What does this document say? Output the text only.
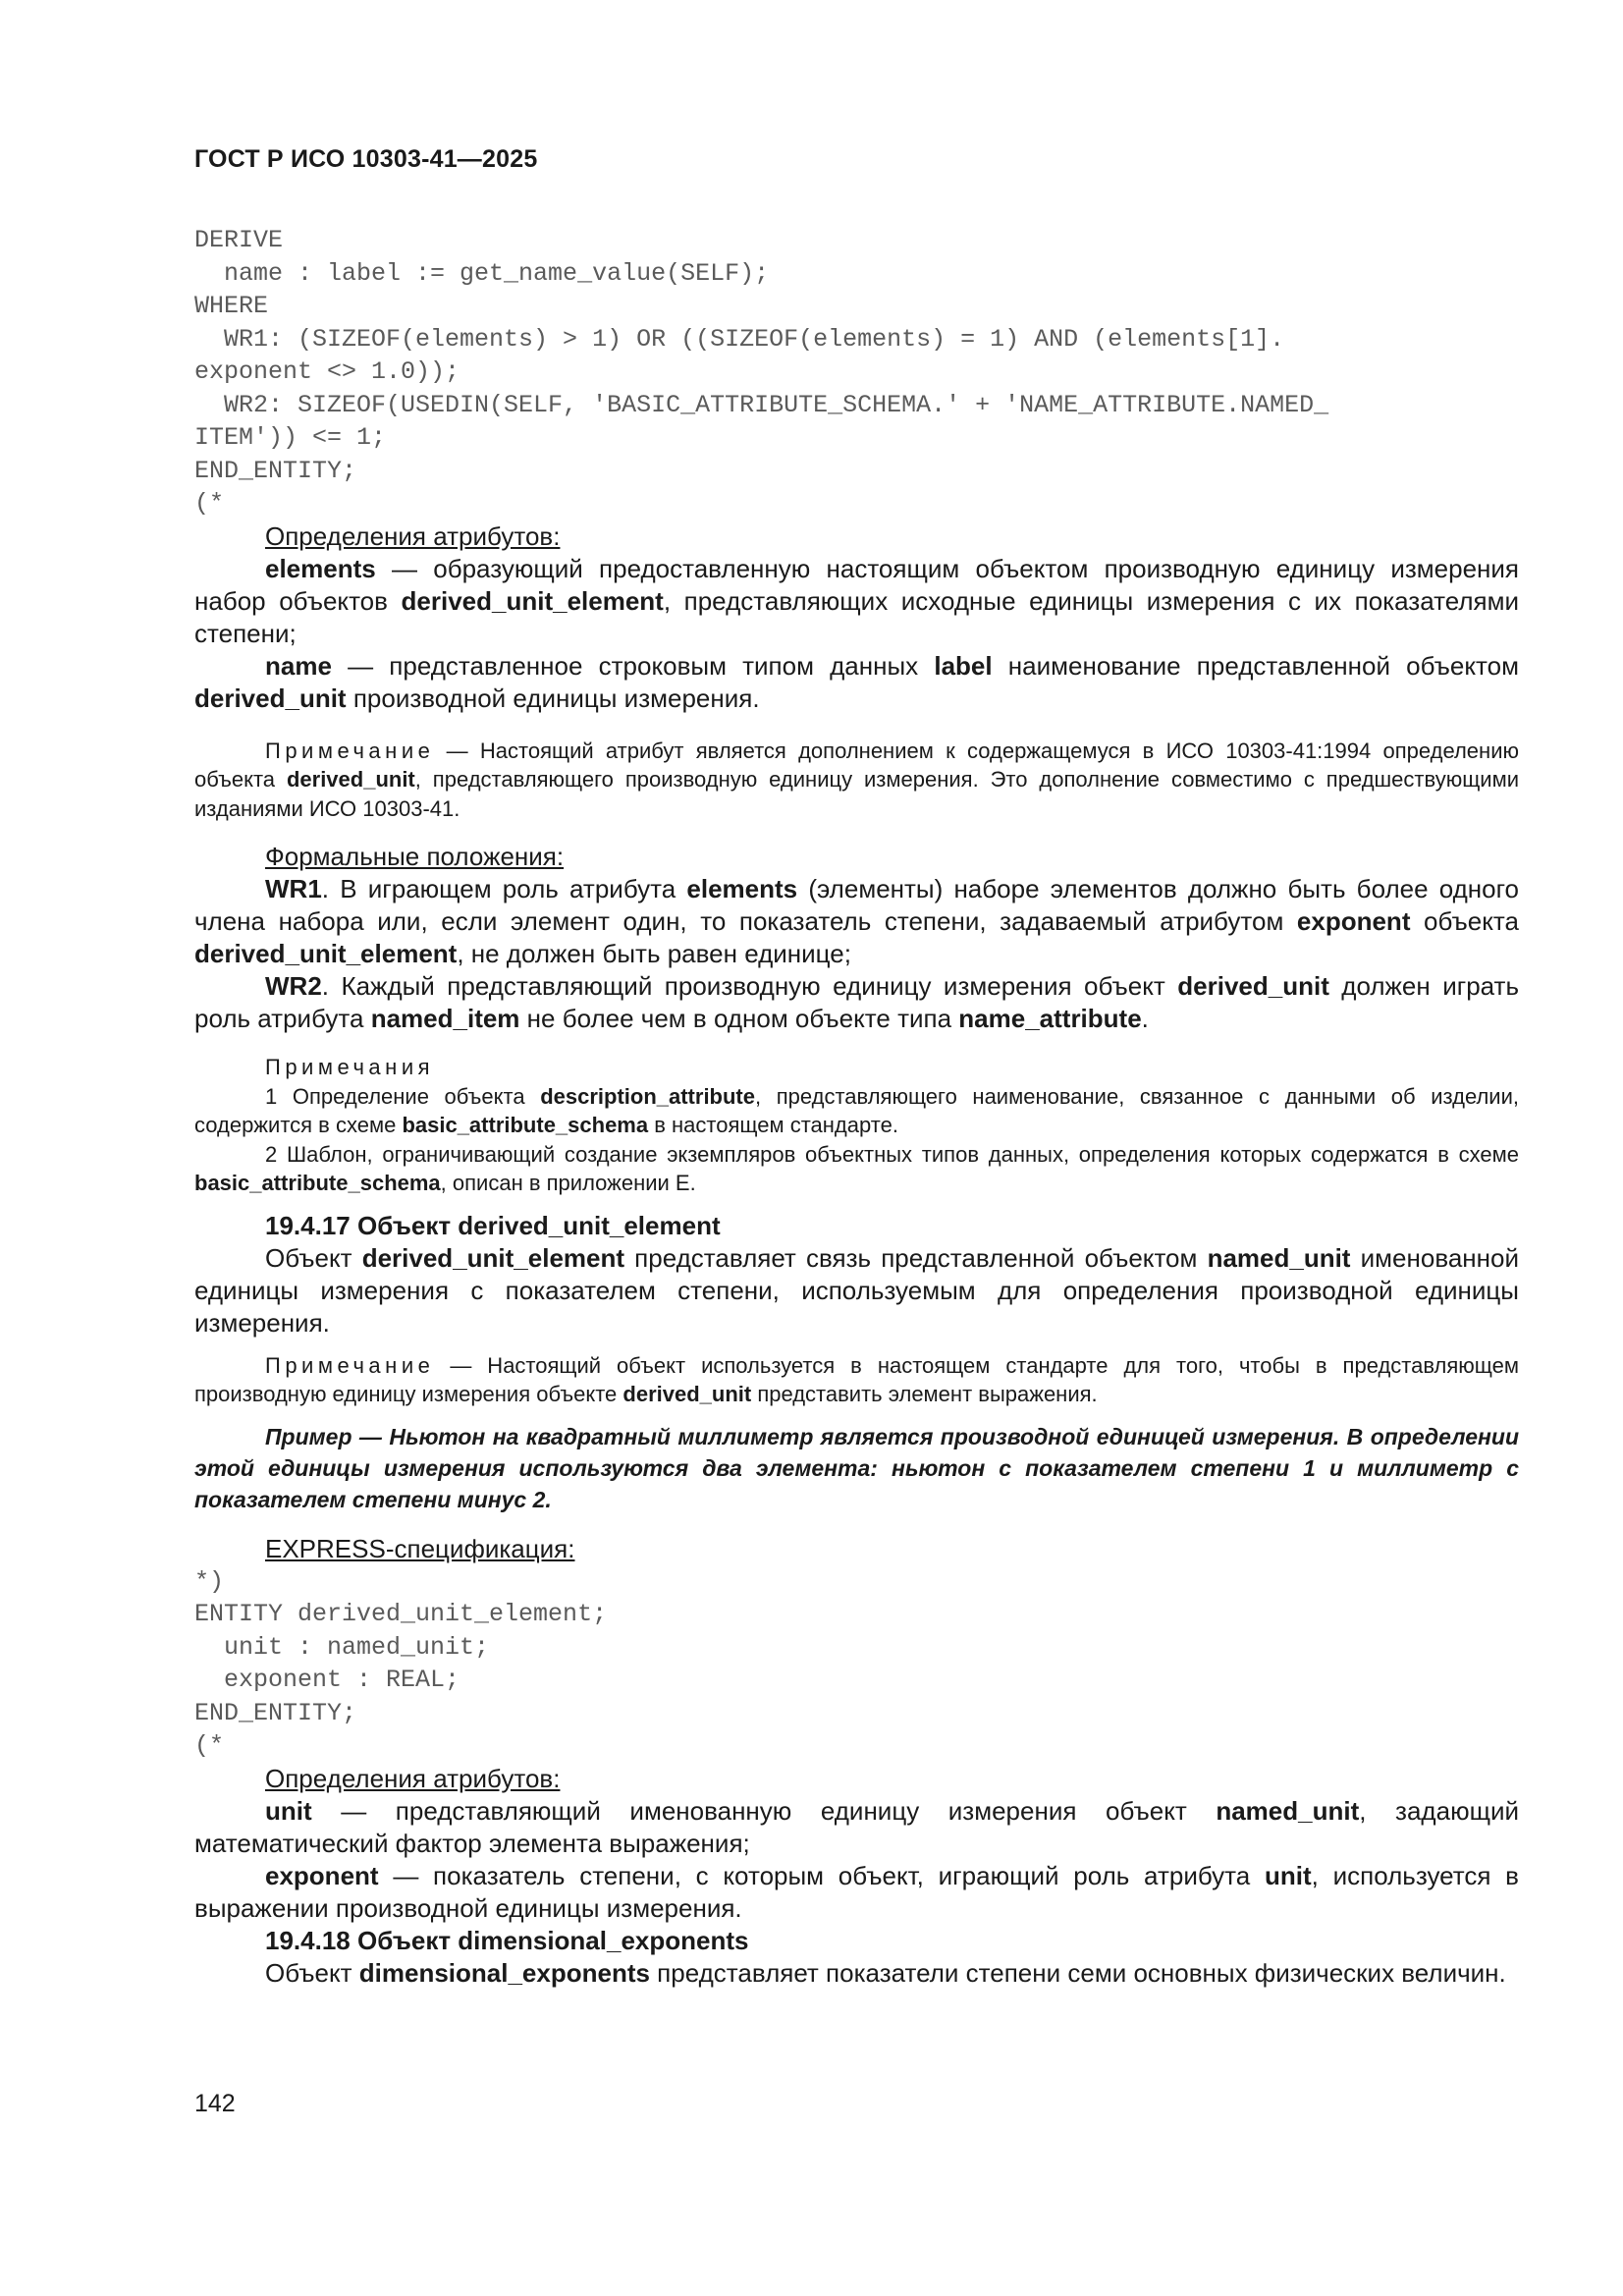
ГОСТ Р ИСО 10303-41—2025
DERIVE
name : label := get_name_value(SELF);
WHERE
WR1: (SIZEOF(elements) > 1) OR ((SIZEOF(elements) = 1) AND (elements[1].
exponent <> 1.0));
WR2: SIZEOF(USEDIN(SELF, 'BASIC_ATTRIBUTE_SCHEMA.' + 'NAME_ATTRIBUTE.NAMED_
ITEM')) <= 1;
END_ENTITY;
(*

Определения атрибутов:

elements — образующий предоставленную настоящим объектом производную единицу измерения набор объектов derived_unit_element, представляющих исходные единицы измерения с их показателями степени;

name — представленное строковым типом данных label наименование представленной объектом derived_unit производной единицы измерения.

Примечание — Настоящий атрибут является дополнением к содержащемуся в ИСО 10303-41:1994 определению объекта derived_unit, представляющего производную единицу измерения. Это дополнение совместимо с предшествующими изданиями ИСО 10303-41.

Формальные положения:

WR1. В играющем роль атрибута elements (элементы) наборе элементов должно быть более одного члена набора или, если элемент один, то показатель степени, задаваемый атрибутом exponent объекта derived_unit_element, не должен быть равен единице;

WR2. Каждый представляющий производную единицу измерения объект derived_unit должен играть роль атрибута named_item не более чем в одном объекте типа name_attribute.

Примечания

1 Определение объекта description_attribute, представляющего наименование, связанное с данными об изделии, содержится в схеме basic_attribute_schema в настоящем стандарте.

2 Шаблон, ограничивающий создание экземпляров объектных типов данных, определения которых содержатся в схеме basic_attribute_schema, описан в приложении E.

19.4.17 Объект derived_unit_element

Объект derived_unit_element представляет связь представленной объектом named_unit именованной единицы измерения с показателем степени, используемым для определения производной единицы измерения.

Примечание — Настоящий объект используется в настоящем стандарте для того, чтобы в представляющем производную единицу измерения объекте derived_unit представить элемент выражения.

Пример — Ньютон на квадратный миллиметр является производной единицей измерения. В определении этой единицы измерения используются два элемента: ньютон с показателем степени 1 и миллиметр с показателем степени минус 2.

EXPRESS-спецификация:

*)
ENTITY derived_unit_element;
unit : named_unit;
exponent : REAL;
END_ENTITY;
(*

Определения атрибутов:

unit — представляющий именованную единицу измерения объект named_unit, задающий математический фактор элемента выражения;

exponent — показатель степени, с которым объект, играющий роль атрибута unit, используется в выражении производной единицы измерения.

19.4.18 Объект dimensional_exponents

Объект dimensional_exponents представляет показатели степени семи основных физических величин.

142
